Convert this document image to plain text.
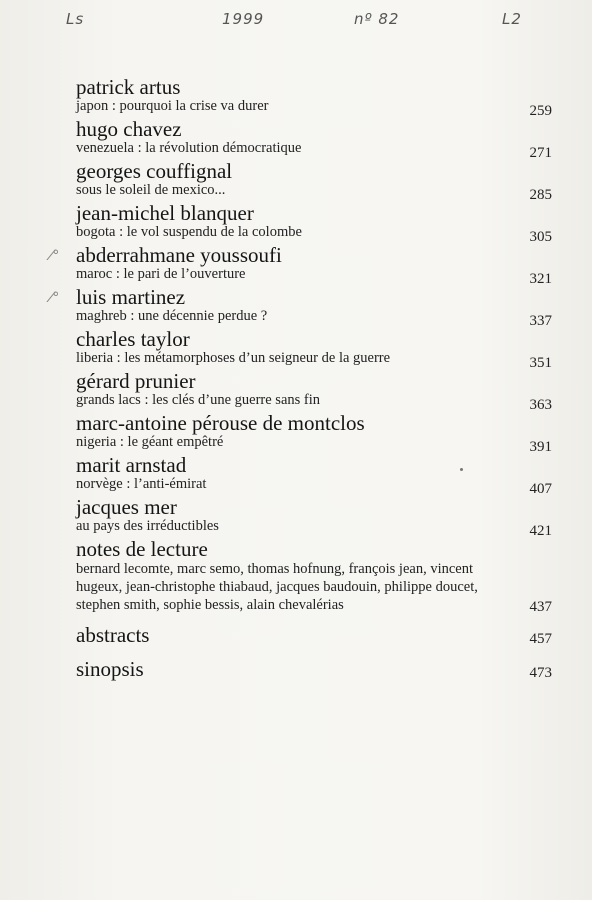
Ls	1999	nº 82	L2
patrick artus
japon : pourquoi la crise va durer	259
hugo chavez
venezuela : la révolution démocratique	271
georges couffignal
sous le soleil de mexico...	285
jean-michel blanquer
bogota : le vol suspendu de la colombe	305
⁄° abderrahmane youssoufi
maroc : le pari de l’ouverture	321
⁄° luis martinez
maghreb : une décennie perdue ?	337
charles taylor
liberia : les métamorphoses d’un seigneur de la guerre	351
gérard prunier
grands lacs : les clés d’une guerre sans fin	363
marc-antoine pérouse de montclos
nigeria : le géant empêtré	391
marit arnstad
norvège : l’anti-émirat	407
jacques mer
au pays des irréductibles	421
notes de lecture
bernard lecomte, marc semo, thomas hofnung, françois jean, vincent hugeux, jean-christophe thiabaud, jacques baudouin, philippe doucet, stephen smith, sophie bessis, alain chevalérias	437
abstracts	457
sinopsis	473
